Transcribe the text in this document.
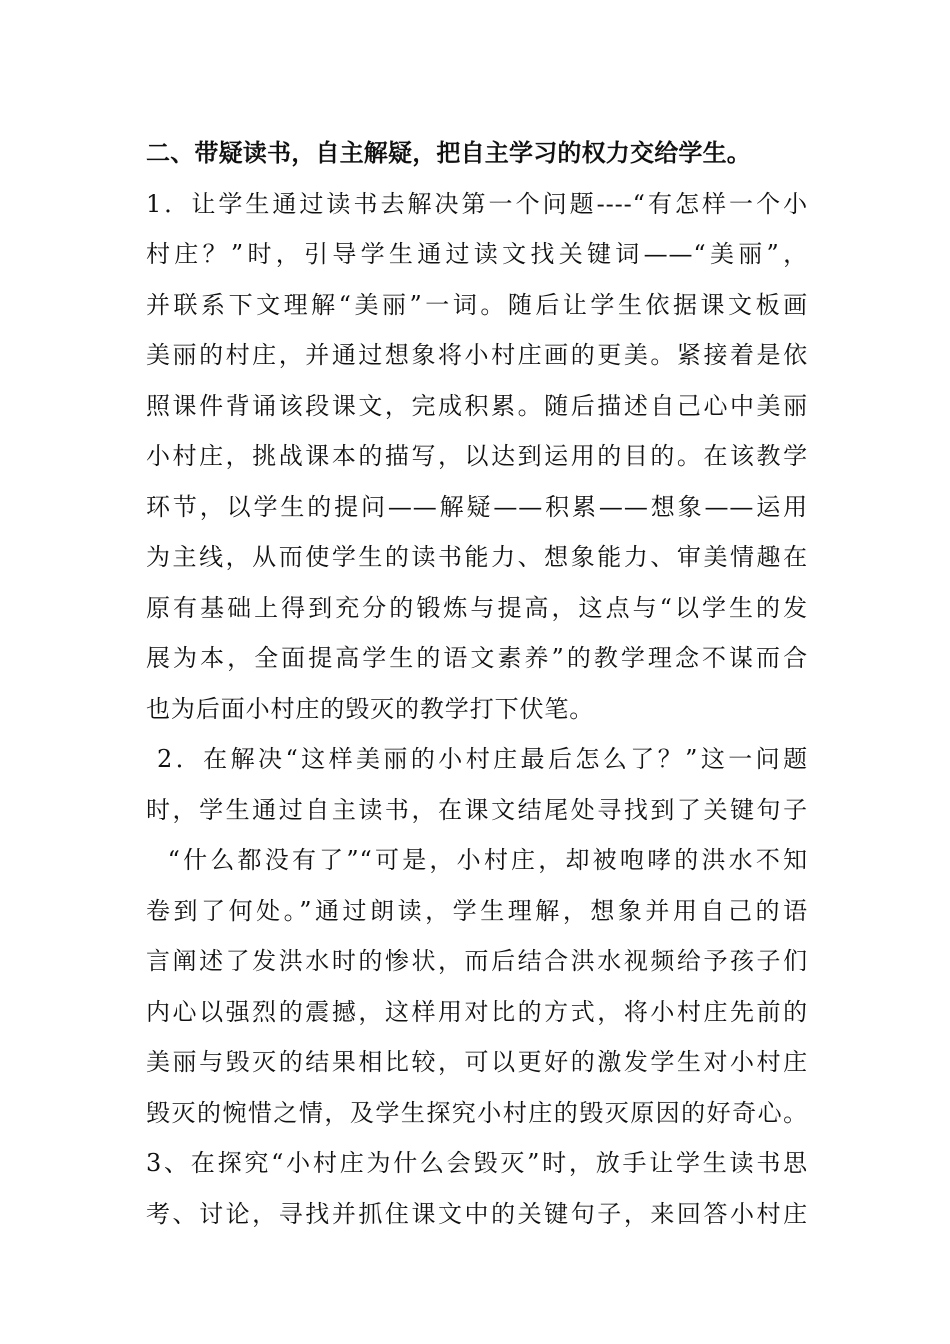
二、带疑读书，自主解疑，把自主学习的权力交给学生。
1．让学生通过读书去解决第一个问题----“有怎样一个小
村庄？”时，引导学生通过读文找关键词——“美丽”，
并联系下文理解“美丽”一词。随后让学生依据课文板画
美丽的村庄，并通过想象将小村庄画的更美。紧接着是依
照课件背诵该段课文，完成积累。随后描述自己心中美丽
小村庄，挑战课本的描写，以达到运用的目的。在该教学
环节，以学生的提问——解疑——积累——想象——运用
为主线，从而使学生的读书能力、想象能力、审美情趣在
原有基础上得到充分的锻炼与提高，这点与“以学生的发
展为本，全面提高学生的语文素养”的教学理念不谋而合
也为后面小村庄的毁灭的教学打下伏笔。
2．在解决“这样美丽的小村庄最后怎么了？”这一问题
时，学生通过自主读书，在课文结尾处寻找到了关键句子
“什么都没有了”“可是，小村庄，却被咆哮的洪水不知
卷到了何处。”通过朗读，学生理解，想象并用自己的语
言阐述了发洪水时的惨状，而后结合洪水视频给予孩子们
内心以强烈的震撼，这样用对比的方式，将小村庄先前的
美丽与毁灭的结果相比较，可以更好的激发学生对小村庄
毁灭的惋惜之情，及学生探究小村庄的毁灭原因的好奇心。
3、在探究“小村庄为什么会毁灭”时，放手让学生读书思
考、讨论，寻找并抓住课文中的关键句子，来回答小村庄
